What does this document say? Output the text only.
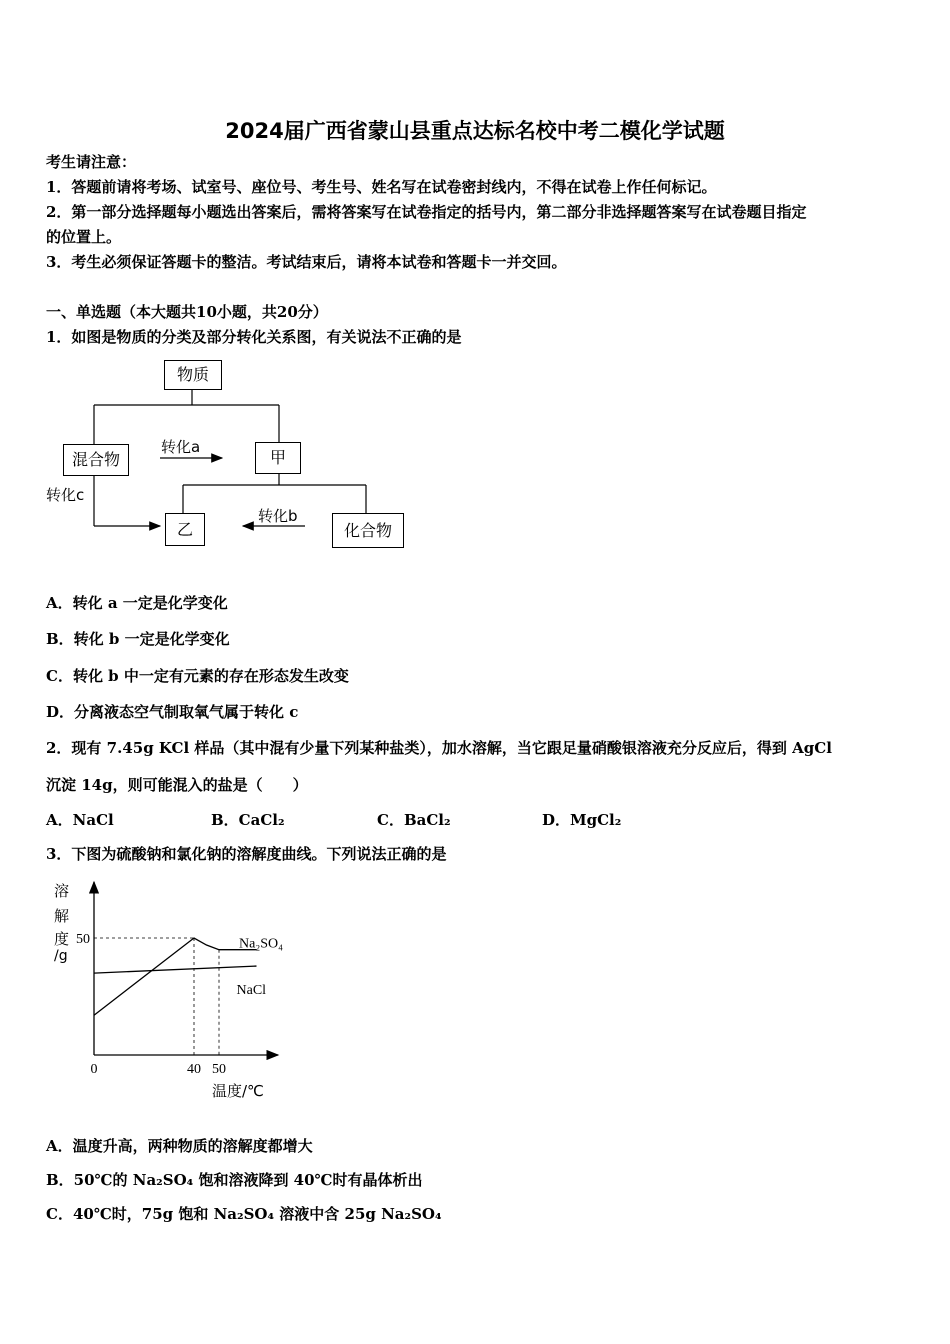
2024届广西省蒙山县重点达标名校中考二模化学试题
考生请注意：
1．答题前请将考场、试室号、座位号、考生号、姓名写在试卷密封线内，不得在试卷上作任何标记。
2．第一部分选择题每小题选出答案后，需将答案写在试卷指定的括号内，第二部分非选择题答案写在试卷题目指定
的位置上。
3．考生必须保证答题卡的整洁。考试结束后，请将本试卷和答题卡一并交回。
一、单选题（本大题共10小题，共20分）
1．如图是物质的分类及部分转化关系图，有关说法不正确的是
物质
混合物	甲
乙	化合物
转化a
转化b
转化c
A．转化 a 一定是化学变化
B．转化 b 一定是化学变化
C．转化 b 中一定有元素的存在形态发生改变
D．分离液态空气制取氧气属于转化 c
2．现有 7.45g KCl 样品（其中混有少量下列某种盐类），加水溶解，当它跟足量硝酸银溶液充分反应后，得到 AgCl
沉淀 14g，则可能混入的盐是（　　）
A．NaCl	B．CaCl₂	C．BaCl₂	D．MgCl₂
3．下图为硫酸钠和氯化钠的溶解度曲线。下列说法正确的是
Na₂SO₄
NaCl
0	40 50
50
溶
解
度
/g
温度/℃
A．温度升高，两种物质的溶解度都增大
B．50℃的 Na₂SO₄ 饱和溶液降到 40℃时有晶体析出
C．40℃时，75g 饱和 Na₂SO₄ 溶液中含 25g Na₂SO₄
